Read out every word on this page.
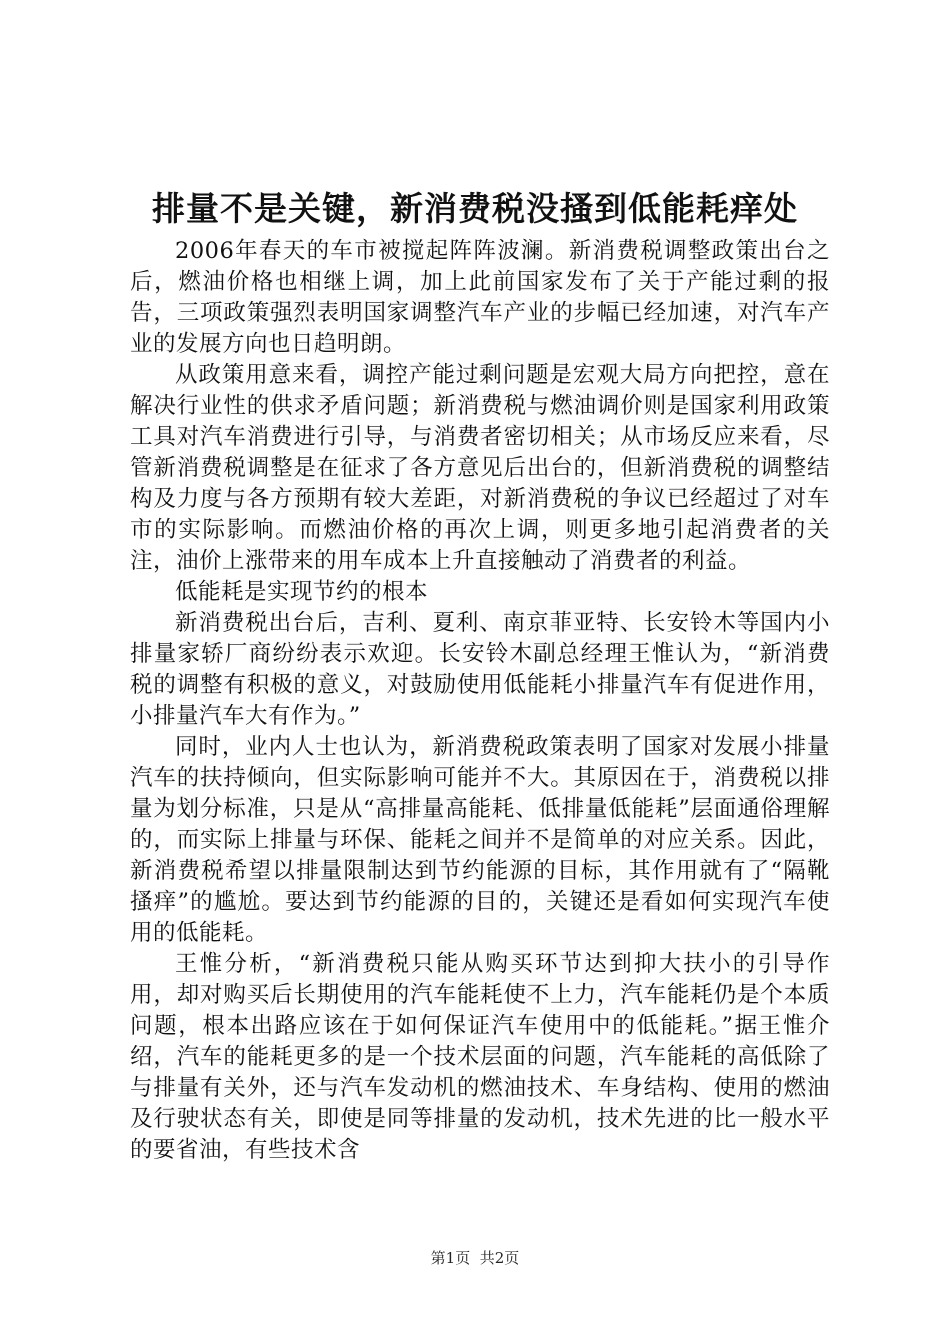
排量不是关键，新消费税没搔到低能耗痒处

2006年春天的车市被搅起阵阵波澜。新消费税调整政策出台之后，燃油价格也相继上调，加上此前国家发布了关于产能过剩的报告，三项政策强烈表明国家调整汽车产业的步幅已经加速，对汽车产业的发展方向也日趋明朗。

从政策用意来看，调控产能过剩问题是宏观大局方向把控，意在解决行业性的供求矛盾问题；新消费税与燃油调价则是国家利用政策工具对汽车消费进行引导，与消费者密切相关；从市场反应来看，尽管新消费税调整是在征求了各方意见后出台的，但新消费税的调整结构及力度与各方预期有较大差距，对新消费税的争议已经超过了对车市的实际影响。而燃油价格的再次上调，则更多地引起消费者的关注，油价上涨带来的用车成本上升直接触动了消费者的利益。

低能耗是实现节约的根本

新消费税出台后，吉利、夏利、南京菲亚特、长安铃木等国内小排量家轿厂商纷纷表示欢迎。长安铃木副总经理王惟认为，“新消费税的调整有积极的意义，对鼓励使用低能耗小排量汽车有促进作用，小排量汽车大有作为。”

同时，业内人士也认为，新消费税政策表明了国家对发展小排量汽车的扶持倾向，但实际影响可能并不大。其原因在于，消费税以排量为划分标准，只是从“高排量高能耗、低排量低能耗”层面通俗理解的，而实际上排量与环保、能耗之间并不是简单的对应关系。因此，新消费税希望以排量限制达到节约能源的目标，其作用就有了“隔靴搔痒”的尴尬。要达到节约能源的目的，关键还是看如何实现汽车使用的低能耗。

王惟分析，“新消费税只能从购买环节达到抑大扶小的引导作用，却对购买后长期使用的汽车能耗使不上力，汽车能耗仍是个本质问题，根本出路应该在于如何保证汽车使用中的低能耗。”据王惟介绍，汽车的能耗更多的是一个技术层面的问题，汽车能耗的高低除了与排量有关外，还与汽车发动机的燃油技术、车身结构、使用的燃油及行驶状态有关，即使是同等排量的发动机，技术先进的比一般水平的要省油，有些技术含

第1页 共2页
